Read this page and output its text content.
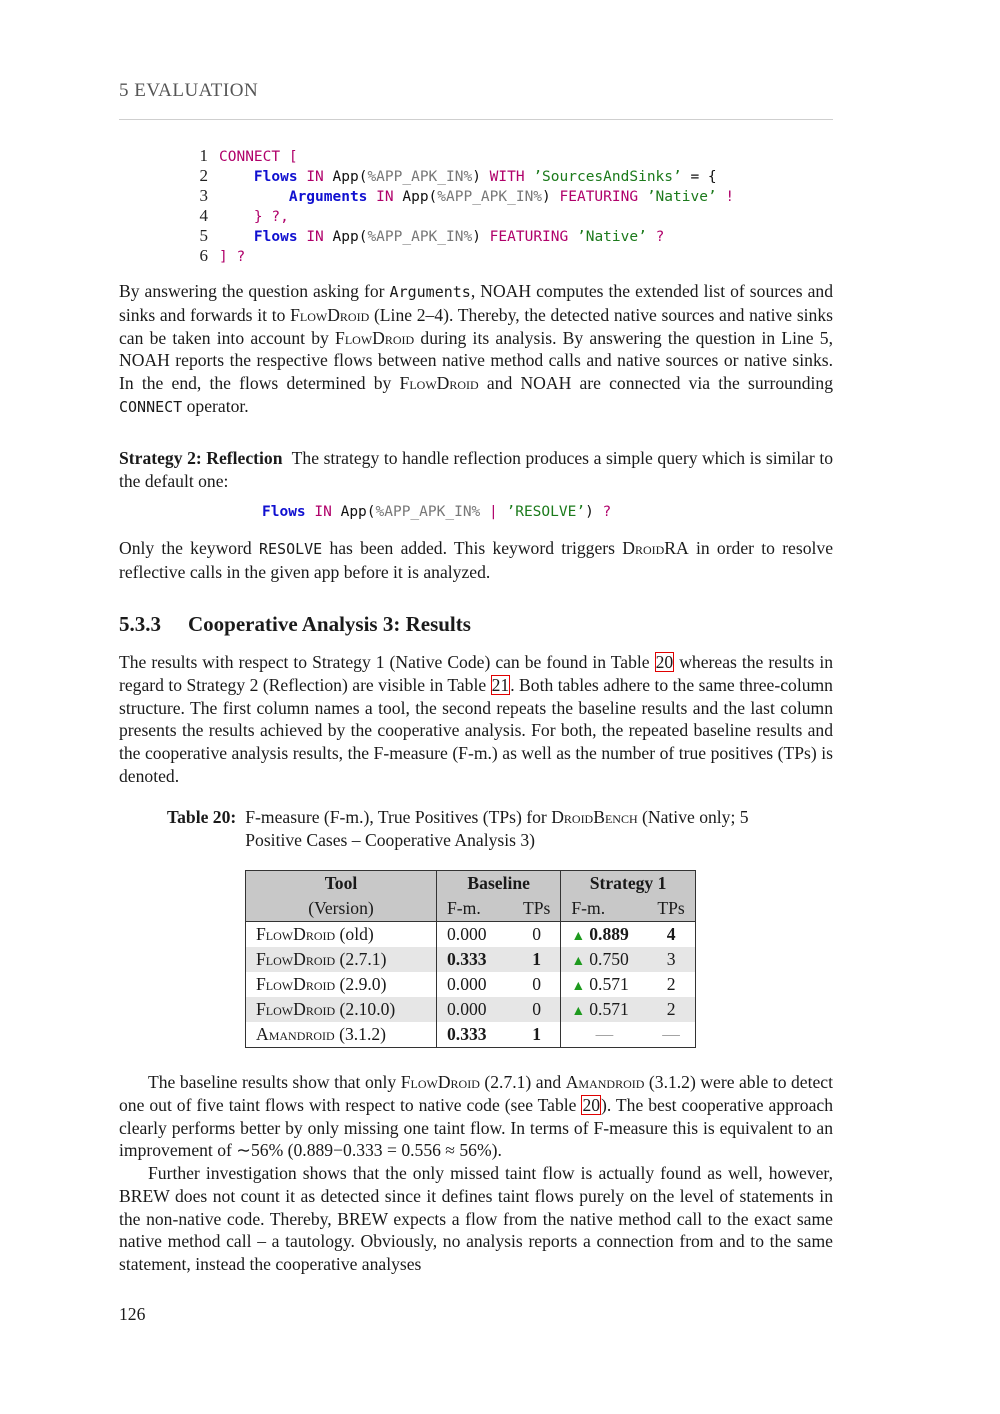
5 EVALUATION
1 CONNECT [
2	Flows IN App(%APP_APK_IN%) WITH ’SourcesAndSinks’ = {
3	Arguments IN App(%APP_APK_IN%) FEATURING ’Native’ !
4	} ?,
5	Flows IN App(%APP_APK_IN%) FEATURING ’Native’ ?
6 ] ?
By answering the question asking for Arguments, NOAH computes the extended list of sources and sinks and forwards it to FlowDroid (Line 2–4). Thereby, the detected native sources and native sinks can be taken into account by FlowDroid during its analysis. By answering the question in Line 5, NOAH reports the respective flows between native method calls and native sources or native sinks. In the end, the flows determined by FlowDroid and NOAH are connected via the surrounding CONNECT operator.
Strategy 2: Reflection The strategy to handle reflection produces a simple query which is similar to the default one:
Flows IN App(%APP_APK_IN% | ’RESOLVE’) ?
Only the keyword RESOLVE has been added. This keyword triggers DroidRA in order to resolve reflective calls in the given app before it is analyzed.
5.3.3 Cooperative Analysis 3: Results
The results with respect to Strategy 1 (Native Code) can be found in Table 20 whereas the results in regard to Strategy 2 (Reflection) are visible in Table 21. Both tables adhere to the same three-column structure. The first column names a tool, the second repeats the baseline results and the last column presents the results achieved by the cooperative analysis. For both, the repeated baseline results and the cooperative analysis results, the F-measure (F-m.) as well as the number of true positives (TPs) is denoted.
Table 20: F-measure (F-m.), True Positives (TPs) for DroidBench (Native only; 5 Positive Cases – Cooperative Analysis 3)
Tool	Baseline		Strategy 1	
(Version)	F-m.	TPs	F-m.	TPs
FlowDroid (old)	0.000	0	▲ 0.889	4
FlowDroid (2.7.1)	0.333	1	▲ 0.750	3
FlowDroid (2.9.0)	0.000	0	▲ 0.571	2
FlowDroid (2.10.0)	0.000	0	▲ 0.571	2
Amandroid (3.1.2)	0.333	1	—	—
The baseline results show that only FlowDroid (2.7.1) and Amandroid (3.1.2) were able to detect one out of five taint flows with respect to native code (see Table 20). The best cooperative approach clearly performs better by only missing one taint flow. In terms of F-measure this is equivalent to an improvement of ∼56% (0.889−0.333 = 0.556 ≈ 56%).
Further investigation shows that the only missed taint flow is actually found as well, however, BREW does not count it as detected since it defines taint flows purely on the level of statements in the non-native code. Thereby, BREW expects a flow from the native method call to the exact same native method call – a tautology. Obviously, no analysis reports a connection from and to the same statement, instead the cooperative analyses
126
